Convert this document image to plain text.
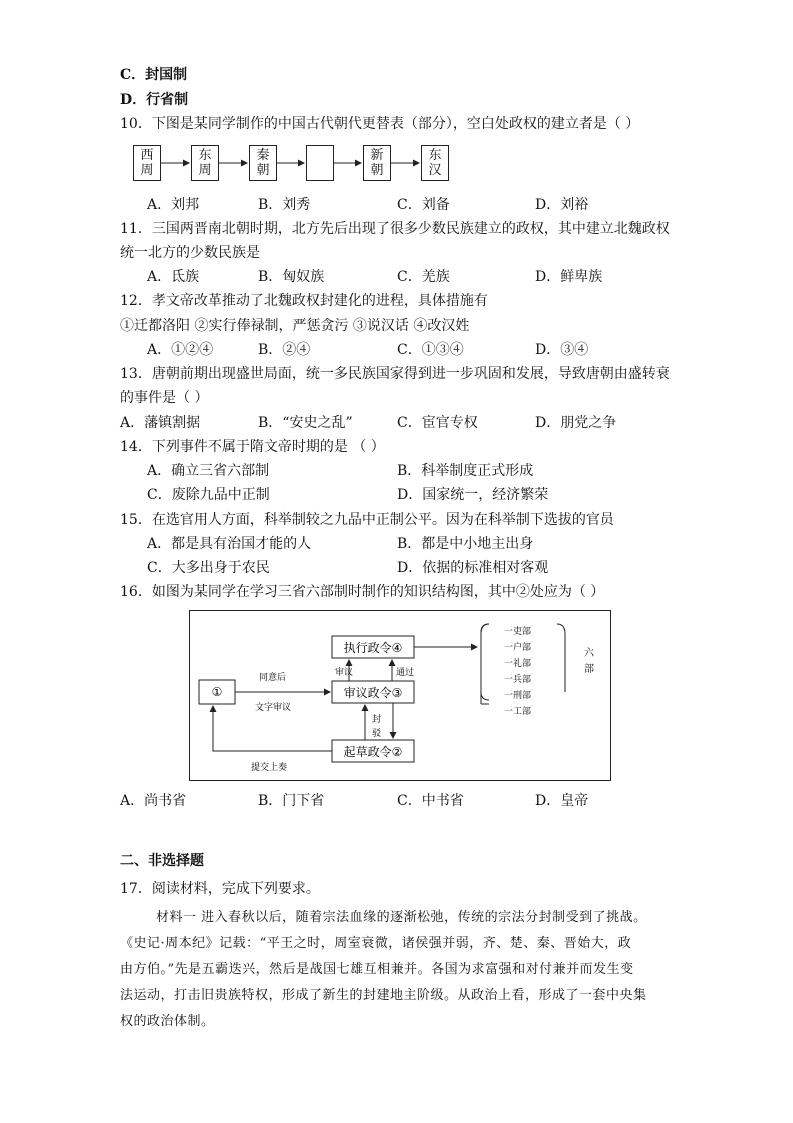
C．封国制
D．行省制
10．下图是某同学制作的中国古代朝代更替表（部分），空白处政权的建立者是（ ）
西
周
东
周
秦
朝
新
朝
东
汉
A．刘邦	B．刘秀	C．刘备	D．刘裕
11．三国两晋南北朝时期，北方先后出现了很多少数民族建立的政权，其中建立北魏政权
统一北方的少数民族是
A．氐族	B．匈奴族	C．羌族	D．鲜卑族
12．孝文帝改革推动了北魏政权封建化的进程，具体措施有
①迁都洛阳 ②实行俸禄制，严惩贪污 ③说汉话 ④改汉姓
A．①②④	B．②④	C．①③④	D．③④
13．唐朝前期出现盛世局面，统一多民族国家得到进一步巩固和发展，导致唐朝由盛转衰
的事件是（ ）
A．藩镇割据	B．“安史之乱”	C．宦官专权	D．朋党之争
14．下列事件不属于隋文帝时期的是 （ ）
A．确立三省六部制	B．科举制度正式形成
C．废除九品中正制	D．国家统一，经济繁荣
15．在选官用人方面，科举制较之九品中正制公平。因为在科举制下选拔的官员
A．都是具有治国才能的人	B．都是中小地主出身
C．大多出身于农民	D．依据的标准相对客观
16．如图为某同学在学习三省六部制时制作的知识结构图，其中②处应为（ ）
①
执行政令④
审议政令③
起草政令②
同意后
文字审议
审议	通过
封
驳
提交上奏
一吏部
一户部
一礼部
一兵部
一刑部
一工部
六
部
A．尚书省	B．门下省	C．中书省	D．皇帝
二、非选择题
17．阅读材料，完成下列要求。
材料一 进入春秋以后，随着宗法血缘的逐渐松弛，传统的宗法分封制受到了挑战。
《史记·周本纪》记载：“平王之时，周室衰微，诸侯强并弱，齐、楚、秦、晋始大，政
由方伯。”先是五霸迭兴，然后是战国七雄互相兼并。各国为求富强和对付兼并而发生变
法运动，打击旧贵族特权，形成了新生的封建地主阶级。从政治上看，形成了一套中央集
权的政治体制。
